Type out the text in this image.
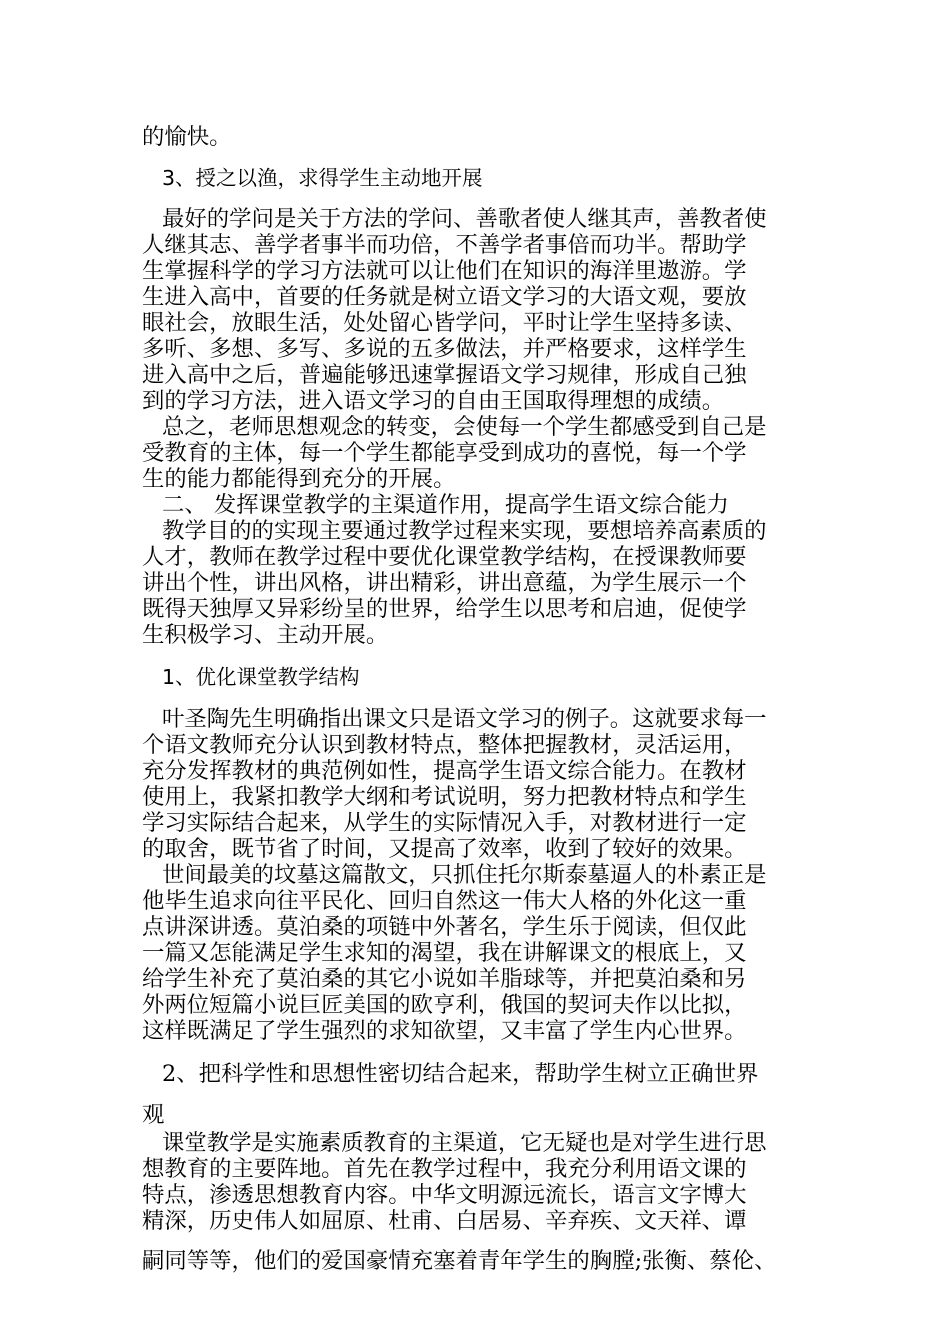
的愉快。
3、授之以渔，求得学生主动地开展
最好的学问是关于方法的学问、善歌者使人继其声，善教者使
人继其志、善学者事半而功倍，不善学者事倍而功半。帮助学
生掌握科学的学习方法就可以让他们在知识的海洋里遨游。学
生进入高中，首要的任务就是树立语文学习的大语文观，要放
眼社会，放眼生活，处处留心皆学问，平时让学生坚持多读、
多听、多想、多写、多说的五多做法，并严格要求，这样学生
进入高中之后，普遍能够迅速掌握语文学习规律，形成自己独
到的学习方法，进入语文学习的自由王国取得理想的成绩。
总之，老师思想观念的转变，会使每一个学生都感受到自己是
受教育的主体，每一个学生都能享受到成功的喜悦，每一个学
生的能力都能得到充分的开展。
二、 发挥课堂教学的主渠道作用，提高学生语文综合能力
教学目的的实现主要通过教学过程来实现，要想培养高素质的
人才，教师在教学过程中要优化课堂教学结构，在授课教师要
讲出个性，讲出风格，讲出精彩，讲出意蕴，为学生展示一个
既得天独厚又异彩纷呈的世界，给学生以思考和启迪，促使学
生积极学习、主动开展。
1、优化课堂教学结构
叶圣陶先生明确指出课文只是语文学习的例子。这就要求每一
个语文教师充分认识到教材特点，整体把握教材，灵活运用，
充分发挥教材的典范例如性，提高学生语文综合能力。在教材
使用上，我紧扣教学大纲和考试说明，努力把教材特点和学生
学习实际结合起来，从学生的实际情况入手，对教材进行一定
的取舍，既节省了时间，又提高了效率，收到了较好的效果。
世间最美的坟墓这篇散文，只抓住托尔斯泰墓逼人的朴素正是
他毕生追求向往平民化、回归自然这一伟大人格的外化这一重
点讲深讲透。莫泊桑的项链中外著名，学生乐于阅读，但仅此
一篇又怎能满足学生求知的渴望，我在讲解课文的根底上，又
给学生补充了莫泊桑的其它小说如羊脂球等，并把莫泊桑和另
外两位短篇小说巨匠美国的欧亨利，俄国的契诃夫作以比拟，
这样既满足了学生强烈的求知欲望，又丰富了学生内心世界。
2、把科学性和思想性密切结合起来，帮助学生树立正确世界
观
课堂教学是实施素质教育的主渠道，它无疑也是对学生进行思
想教育的主要阵地。首先在教学过程中，我充分利用语文课的
特点，渗透思想教育内容。中华文明源远流长，语言文字博大
精深，历史伟人如屈原、杜甫、白居易、辛弃疾、文天祥、谭
嗣同等等，他们的爱国豪情充塞着青年学生的胸膛;张衡、蔡伦、
